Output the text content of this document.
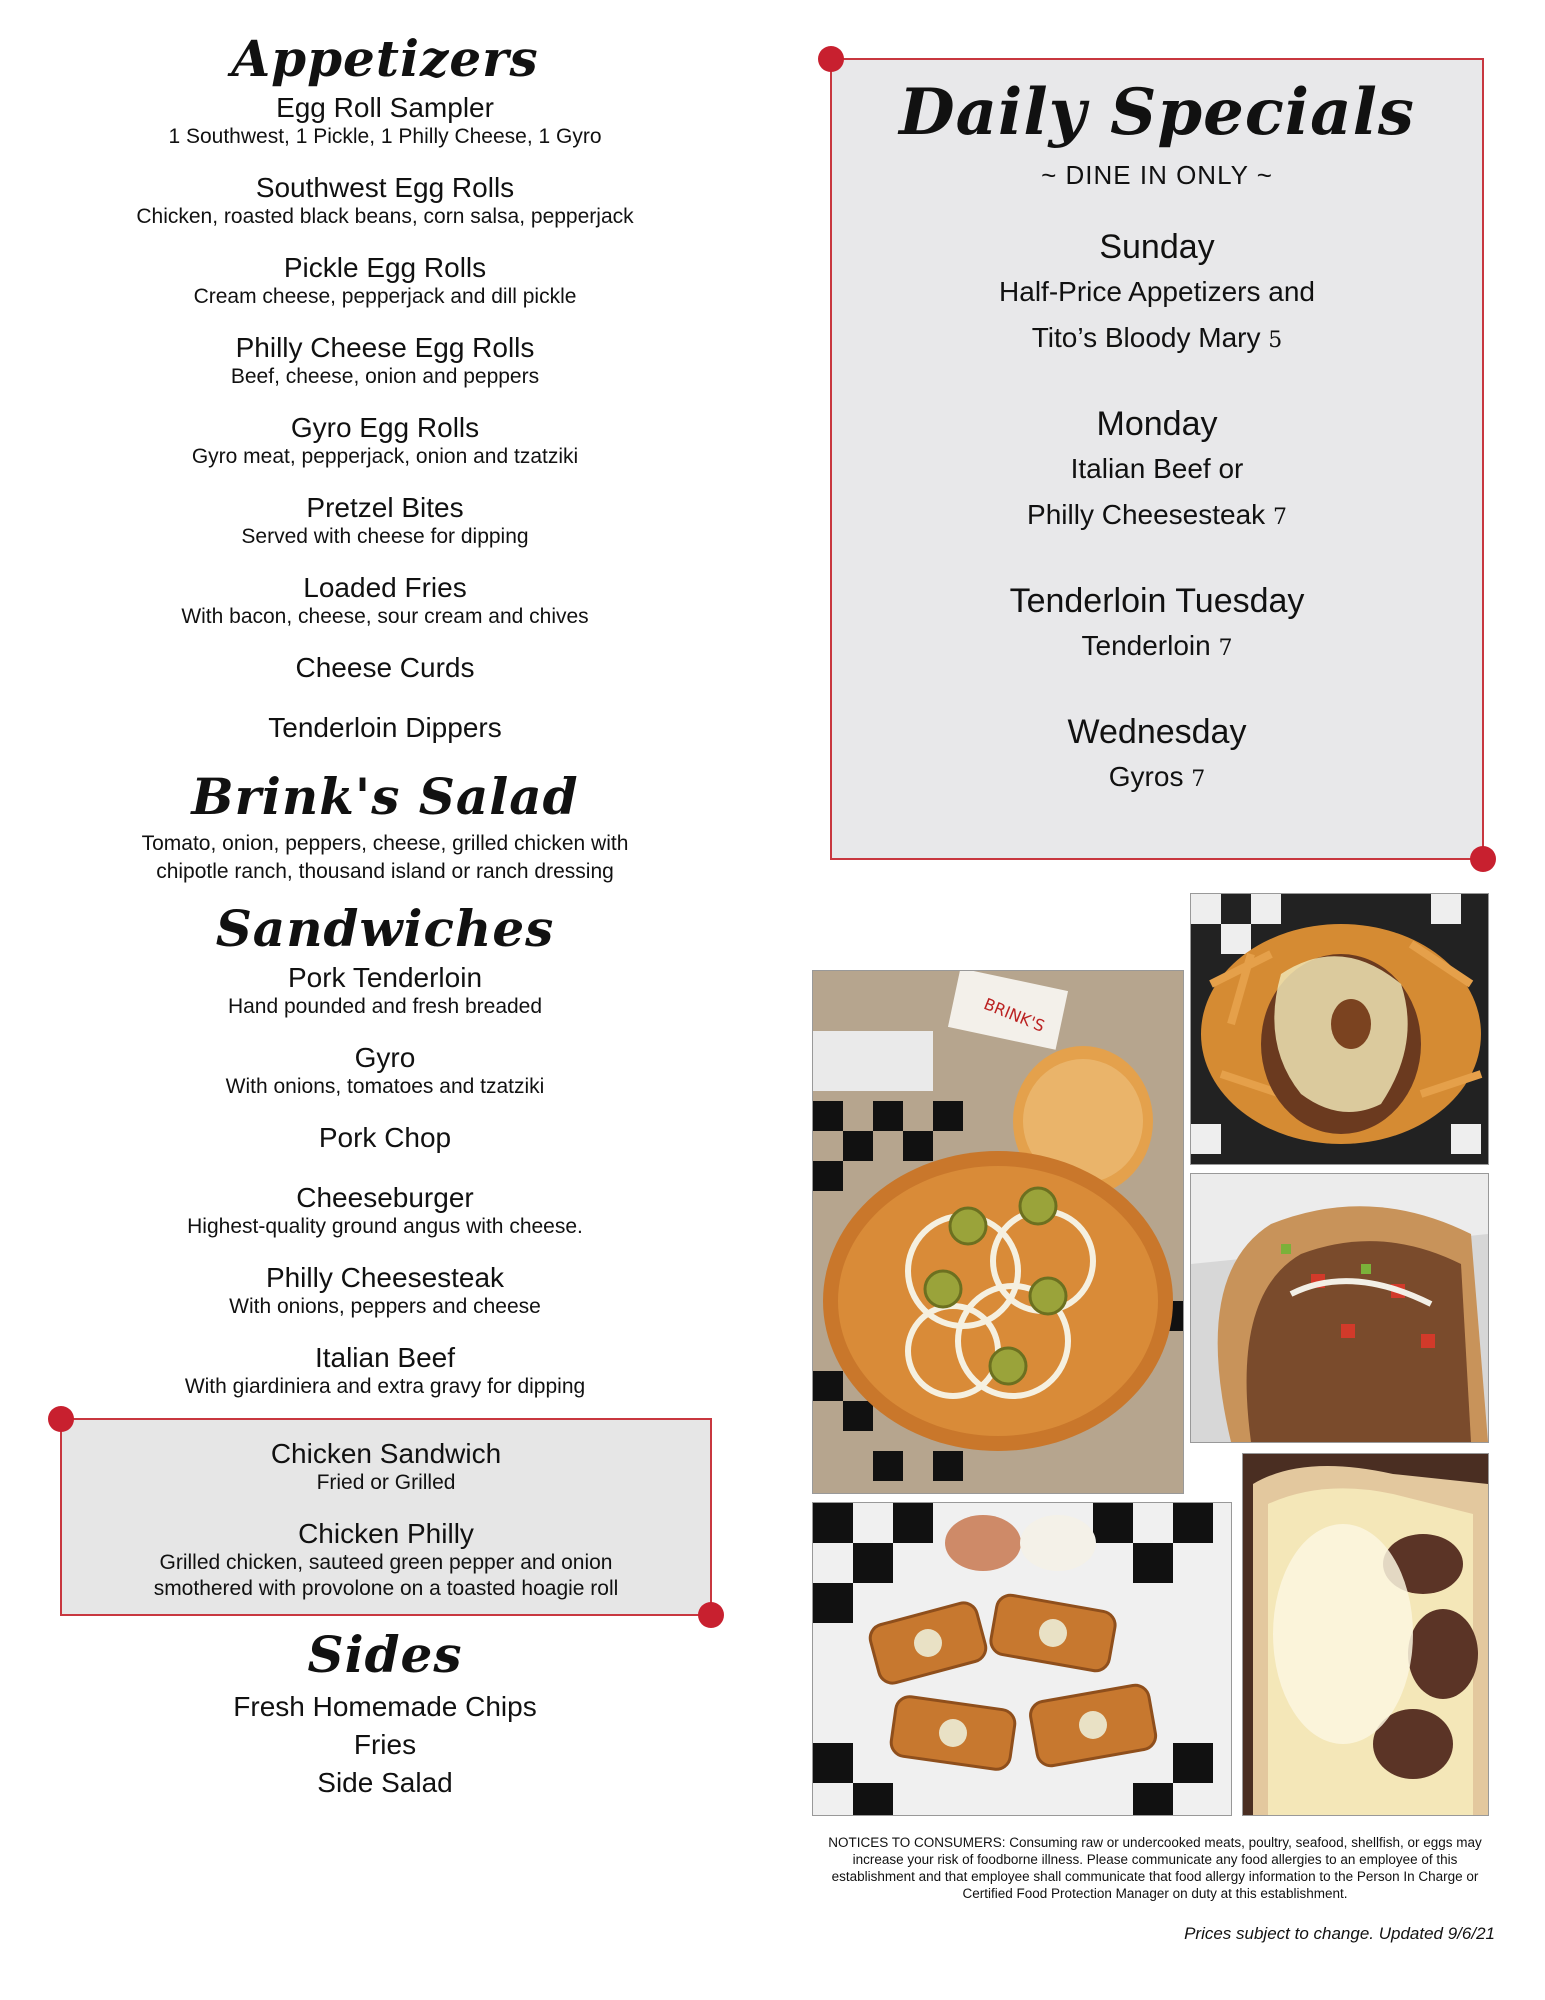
Appetizers
Egg Roll Sampler
1 Southwest, 1 Pickle, 1 Philly Cheese, 1 Gyro
Southwest Egg Rolls
Chicken, roasted black beans, corn salsa, pepperjack
Pickle Egg Rolls
Cream cheese, pepperjack and dill pickle
Philly Cheese Egg Rolls
Beef, cheese, onion and peppers
Gyro Egg Rolls
Gyro meat, pepperjack, onion and tzatziki
Pretzel Bites
Served with cheese for dipping
Loaded Fries
With bacon, cheese, sour cream and chives
Cheese Curds
Tenderloin Dippers
Brink's Salad
Tomato, onion, peppers, cheese, grilled chicken with
chipotle ranch, thousand island or ranch dressing
Sandwiches
Pork Tenderloin
Hand pounded and fresh breaded
Gyro
With onions, tomatoes and tzatziki
Pork Chop
Cheeseburger
Highest-quality ground angus with cheese.
Philly Cheesesteak
With onions, peppers and cheese
Italian Beef
With giardiniera and extra gravy for dipping
Chicken Sandwich
Fried or Grilled
Chicken Philly
Grilled chicken, sauteed green pepper and onion
smothered with provolone on a toasted hoagie roll
Sides
Fresh Homemade Chips
Fries
Side Salad
Daily Specials
~ DINE IN ONLY ~
Sunday
Half-Price Appetizers and
Tito’s Bloody Mary 5
Monday
Italian Beef or
Philly Cheesesteak 7
Tenderloin Tuesday
Tenderloin 7
Wednesday
Gyros 7
BRINK'S
NOTICES TO CONSUMERS: Consuming raw or undercooked meats, poultry, seafood, shellfish, or eggs may increase your risk of foodborne illness. Please communicate any food allergies to an employee of this establishment and that employee shall communicate that food allergy information to the Person In Charge or Certified Food Protection Manager on duty at this establishment.
Prices subject to change. Updated 9/6/21
